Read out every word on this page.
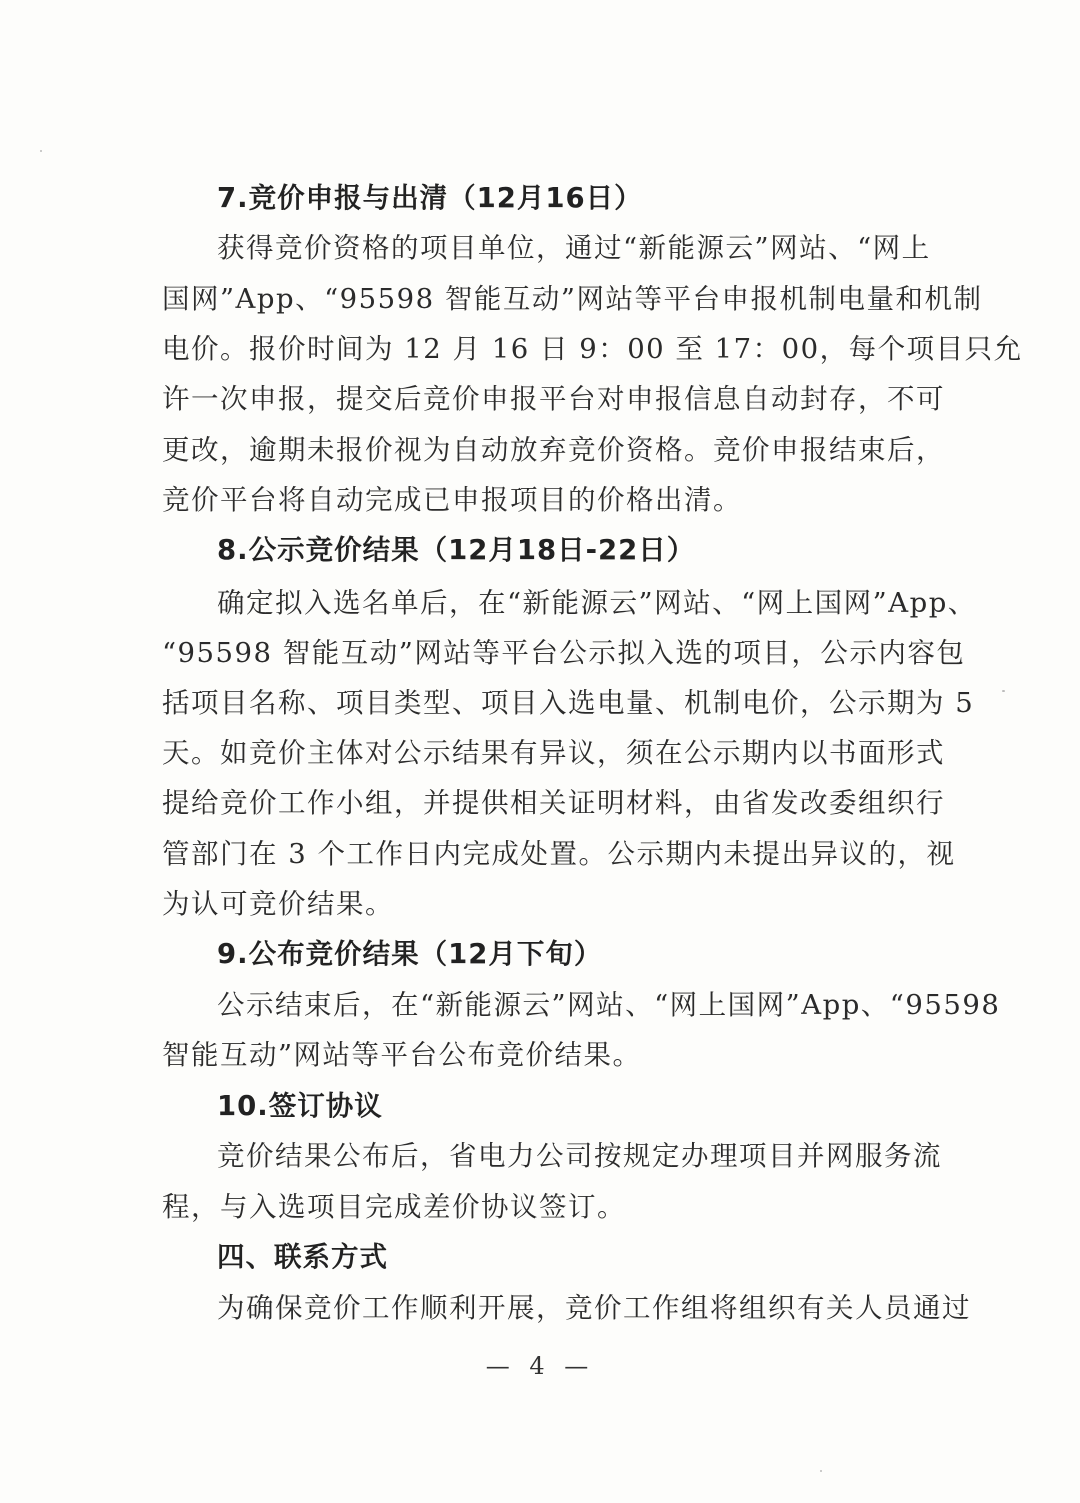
7.竞价申报与出清（12月16日）
获得竞价资格的项目单位，通过“新能源云”网站、“网上
国网”App、“95598 智能互动”网站等平台申报机制电量和机制
电价。报价时间为 12 月 16 日 9：00 至 17：00，每个项目只允
许一次申报，提交后竞价申报平台对申报信息自动封存，不可
更改，逾期未报价视为自动放弃竞价资格。竞价申报结束后，
竞价平台将自动完成已申报项目的价格出清。
8.公示竞价结果（12月18日-22日）
确定拟入选名单后，在“新能源云”网站、“网上国网”App、
“95598 智能互动”网站等平台公示拟入选的项目，公示内容包
括项目名称、项目类型、项目入选电量、机制电价，公示期为 5
天。如竞价主体对公示结果有异议，须在公示期内以书面形式
提给竞价工作小组，并提供相关证明材料，由省发改委组织行
管部门在 3 个工作日内完成处置。公示期内未提出异议的，视
为认可竞价结果。
9.公布竞价结果（12月下旬）
公示结束后，在“新能源云”网站、“网上国网”App、“95598
智能互动”网站等平台公布竞价结果。
10.签订协议
竞价结果公布后，省电力公司按规定办理项目并网服务流
程，与入选项目完成差价协议签订。
四、联系方式
为确保竞价工作顺利开展，竞价工作组将组织有关人员通过
— 4 —
